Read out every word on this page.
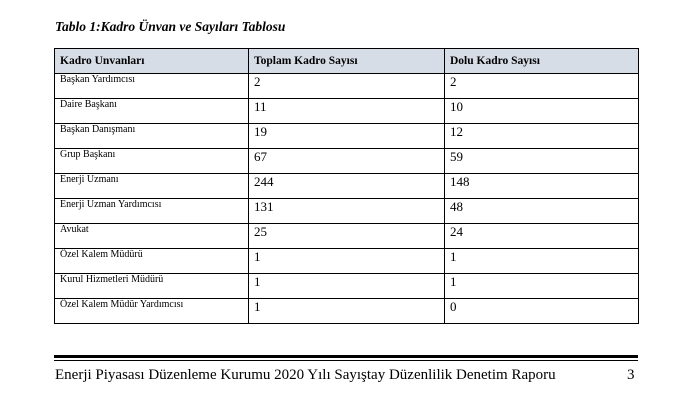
Tablo 1:Kadro Ünvan ve Sayıları Tablosu
Kadro Unvanları	Toplam Kadro Sayısı	Dolu Kadro Sayısı
Başkan Yardımcısı	2	2
Daire Başkanı	11	10
Başkan Danışmanı	19	12
Grup Başkanı	67	59
Enerji Uzmanı	244	148
Enerji Uzman Yardımcısı	131	48
Avukat	25	24
Özel Kalem Müdürü	1	1
Kurul Hizmetleri Müdürü	1	1
Özel Kalem Müdür Yardımcısı	1	0
Enerji Piyasası Düzenleme Kurumu 2020 Yılı Sayıştay Düzenlilik Denetim Raporu	3
